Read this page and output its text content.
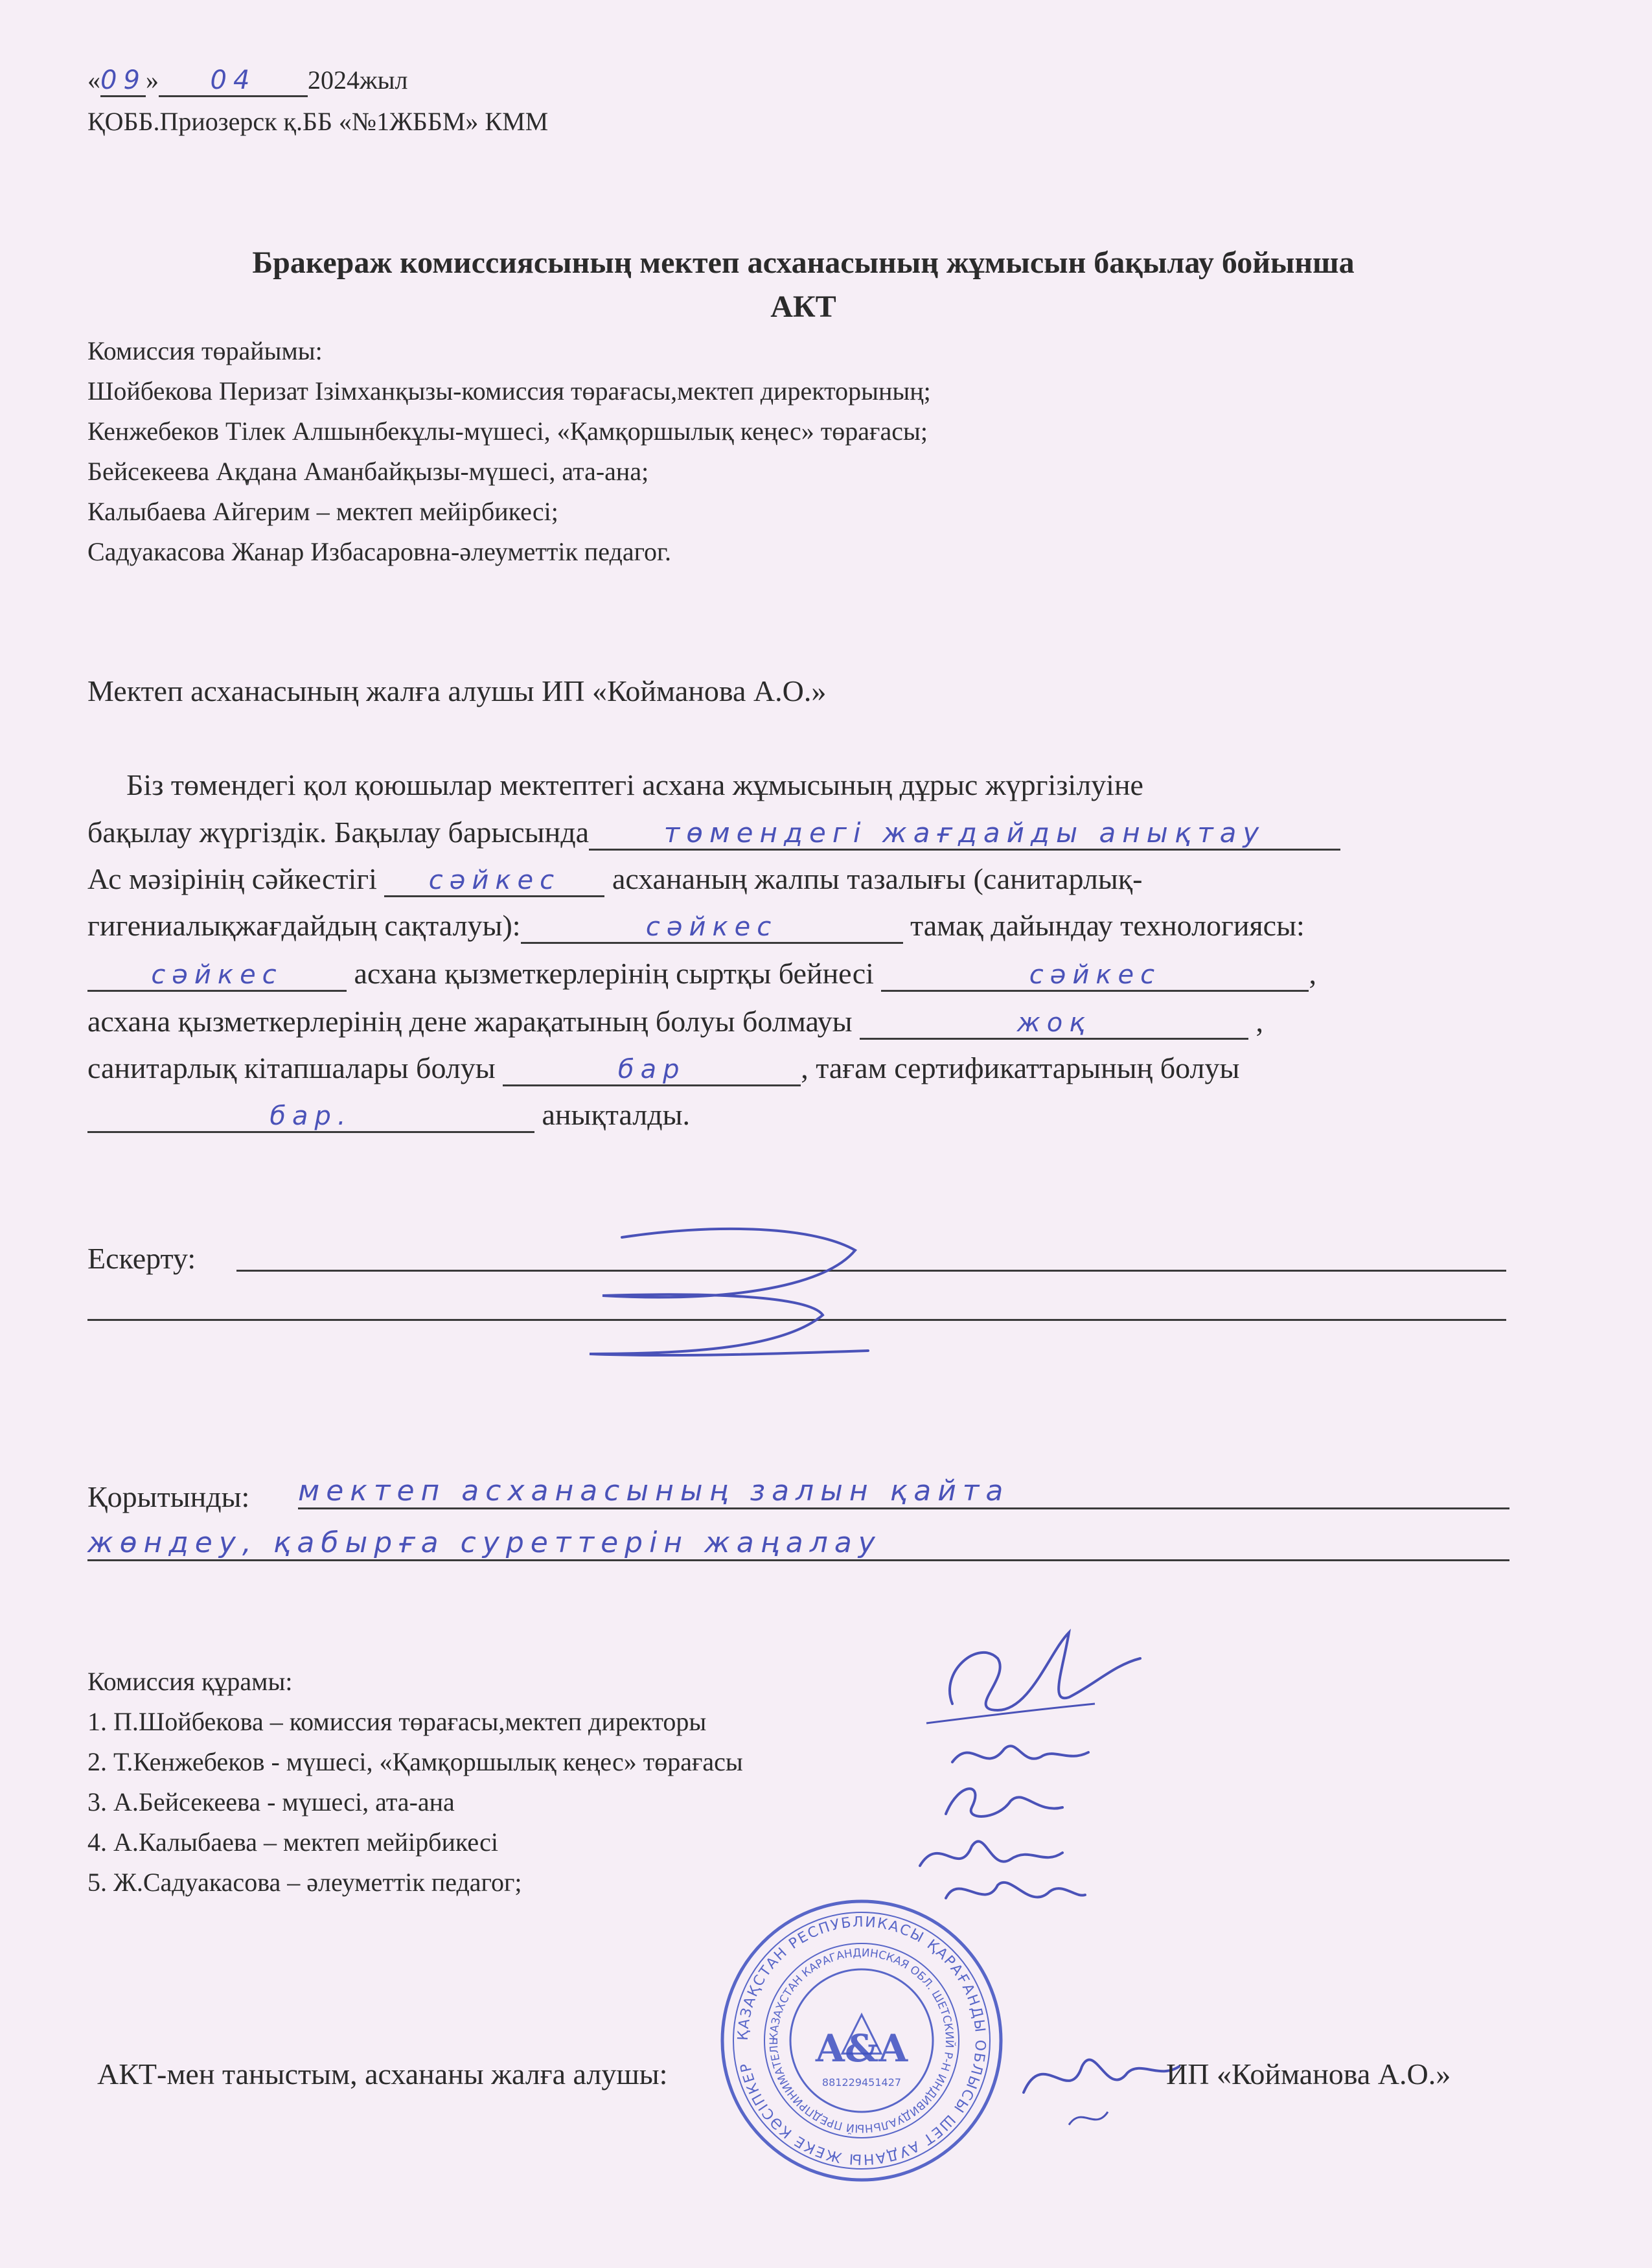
«09» 04 2024жыл
ҚОББ.Приозерск қ.ББ «№1ЖББМ» КММ
Бракераж комиссиясының мектеп асханасының жұмысын бақылау бойынша
АКТ
Комиссия төрайымы:
Шойбекова Перизат Ізімханқызы-комиссия төрағасы,мектеп директорының;
Кенжебеков Тілек Алшынбекұлы-мүшесі, «Қамқоршылық кеңес» төрағасы;
Бейсекеева Ақдана Аманбайқызы-мүшесі, ата-ана;
Калыбаева Айгерим – мектеп мейірбикесі;
Садуакасова Жанар Избасаровна-әлеуметтік педагог.
Мектеп асханасының жалға алушы ИП «Койманова А.О.»
Біз төмендегі қол қоюшылар мектептегі асхана жұмысының дұрыс жүргізілуіне
бақылау жүргіздік. Бақылау барысында	төмендегі жағдайды анықтау
Ас мәзірінің сәйкестігі сәйкес асхананың жалпы тазалығы (санитарлық-
гигениалықжағдайдың сақталуы):	сәйкес	тамақ дайындау технологиясы:
сәйкес асхана қызметкерлерінің сыртқы бейнесі	сәйкес	,
асхана қызметкерлерінің дене жарақатының болуы болмауы	жоқ	,
санитарлық кітапшалары болуы	бар	, тағам сертификаттарының болуы
бар.	анықталды.
Ескерту:
Қорытынды: мектеп асханасының залын қайта
жөндеу, қабырға суреттерін жаңалау
Комиссия құрамы:
1. П.Шойбекова – комиссия төрағасы,мектеп директоры
2. Т.Кенжебеков - мүшесі, «Қамқоршылық кеңес» төрағасы
3. А.Бейсекеева - мүшесі, ата-ана
4. А.Калыбаева – мектеп мейірбикесі
5. Ж.Садуакасова – әлеуметтік педагог;
ҚАЗАҚСТАН РЕСПУБЛИКАСЫ ҚАРАҒАНДЫ ОБЛЫСЫ ШЕТ АУДАНЫ ЖЕКЕ КӘСІПКЕР
КАЗАХСТАН КАРАГАНДИНСКАЯ ОБЛ. ШЕТСКИЙ Р-Н ИНДИВИДУАЛЬНЫЙ ПРЕДПРИНИМАТЕЛЬ A&A
881229451427
АКТ-мен таныстым, асхананы жалға алушы:	ИП «Койманова А.О.»
